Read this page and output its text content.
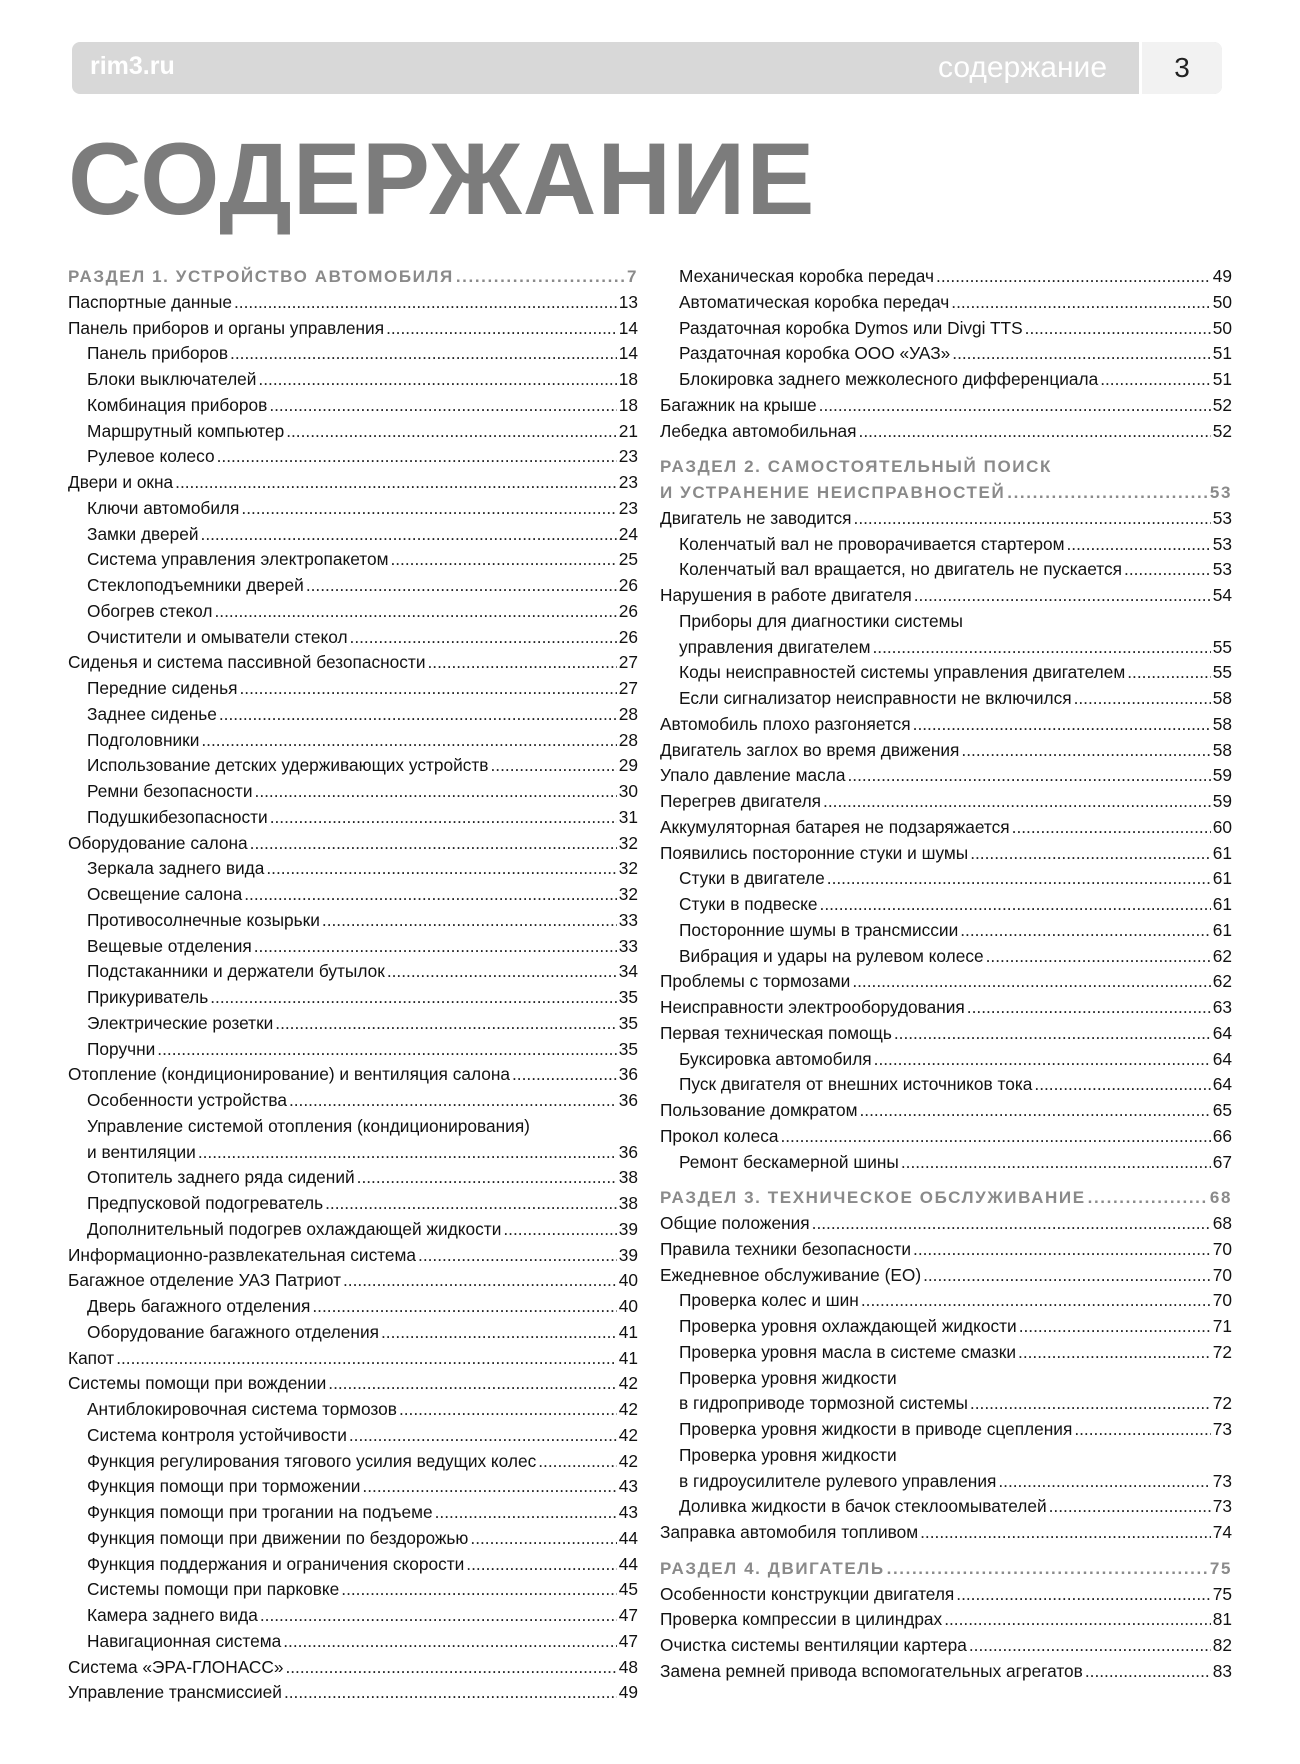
rim3.ru	содержание	3
СОДЕРЖАНИЕ
РАЗДЕЛ 1. УСТРОЙСТВО АВТОМОБИЛЯ .....	7
Паспортные данные .....	13
Панель приборов и органы управления .....	14
Панель приборов .....	14
Блоки выключателей .....	18
Комбинация приборов .....	18
Маршрутный компьютер .....	21
Рулевое колесо .....	23
Двери и окна .....	23
Ключи автомобиля .....	23
Замки дверей .....	24
Система управления электропакетом .....	25
Стеклоподъемники дверей .....	26
Обогрев стекол .....	26
Очистители и омыватели стекол .....	26
Сиденья и система пассивной безопасности .....	27
Передние сиденья .....	27
Заднее сиденье .....	28
Подголовники .....	28
Использование детских удерживающих устройств .....	29
Ремни безопасности .....	30
Подушкибезопасности .....	31
Оборудование салона .....	32
Зеркала заднего вида .....	32
Освещение салона .....	32
Противосолнечные козырьки .....	33
Вещевые отделения .....	33
Подстаканники и держатели бутылок .....	34
Прикуриватель .....	35
Электрические розетки .....	35
Поручни .....	35
Отопление (кондиционирование) и вентиляция салона .....	36
Особенности устройства .....	36
Управление системой отопления (кондиционирования)
и вентиляции .....	36
Отопитель заднего ряда сидений .....	38
Предпусковой подогреватель .....	38
Дополнительный подогрев охлаждающей жидкости .....	39
Информационно-развлекательная система .....	39
Багажное отделение УАЗ Патриот .....	40
Дверь багажного отделения .....	40
Оборудование багажного отделения .....	41
Капот .....	41
Системы помощи при вождении .....	42
Антиблокировочная система тормозов .....	42
Система контроля устойчивости .....	42
Функция регулирования тягового усилия ведущих колес .....	42
Функция помощи при торможении .....	43
Функция помощи при трогании на подъеме .....	43
Функция помощи при движении по бездорожью .....	44
Функция поддержания и ограничения скорости .....	44
Системы помощи при парковке .....	45
Камера заднего вида .....	47
Навигационная система .....	47
Система «ЭРА-ГЛОНАСС» .....	48
Управление трансмиссией .....	49
Механическая коробка передач .....	49
Автоматическая коробка передач .....	50
Раздаточная коробка Dymos или Divgi TTS .....	50
Раздаточная коробка ООО «УАЗ» .....	51
Блокировка заднего межколесного дифференциала .....	51
Багажник на крыше .....	52
Лебедка автомобильная .....	52
РАЗДЕЛ 2. САМОСТОЯТЕЛЬНЫЙ ПОИСК
И УСТРАНЕНИЕ НЕИСПРАВНОСТЕЙ .....	53
Двигатель не заводится .....	53
Коленчатый вал не проворачивается стартером .....	53
Коленчатый вал вращается, но двигатель не пускается .....	53
Нарушения в работе двигателя .....	54
Приборы для диагностики системы
управления двигателем .....	55
Коды неисправностей системы управления двигателем .....	55
Если сигнализатор неисправности не включился .....	58
Автомобиль плохо разгоняется .....	58
Двигатель заглох во время движения .....	58
Упало давление масла .....	59
Перегрев двигателя .....	59
Аккумуляторная батарея не подзаряжается .....	60
Появились посторонние стуки и шумы .....	61
Стуки в двигателе .....	61
Стуки в подвеске .....	61
Посторонние шумы в трансмиссии .....	61
Вибрация и удары на рулевом колесе .....	62
Проблемы с тормозами .....	62
Неисправности электрооборудования .....	63
Первая техническая помощь .....	64
Буксировка автомобиля .....	64
Пуск двигателя от внешних источников тока .....	64
Пользование домкратом .....	65
Прокол колеса .....	66
Ремонт бескамерной шины .....	67
РАЗДЕЛ 3. ТЕХНИЧЕСКОЕ ОБСЛУЖИВАНИЕ .....	68
Общие положения .....	68
Правила техники безопасности .....	70
Ежедневное обслуживание (ЕО) .....	70
Проверка колес и шин .....	70
Проверка уровня охлаждающей жидкости .....	71
Проверка уровня масла в системе смазки .....	72
Проверка уровня жидкости
в гидроприводе тормозной системы .....	72
Проверка уровня жидкости в приводе сцепления .....	73
Проверка уровня жидкости
в гидроусилителе рулевого управления .....	73
Доливка жидкости в бачок стеклоомывателей .....	73
Заправка автомобиля топливом .....	74
РАЗДЕЛ 4. ДВИГАТЕЛЬ .....	75
Особенности конструкции двигателя .....	75
Проверка компрессии в цилиндрах .....	81
Очистка системы вентиляции картера .....	82
Замена ремней привода вспомогательных агрегатов .....	83
